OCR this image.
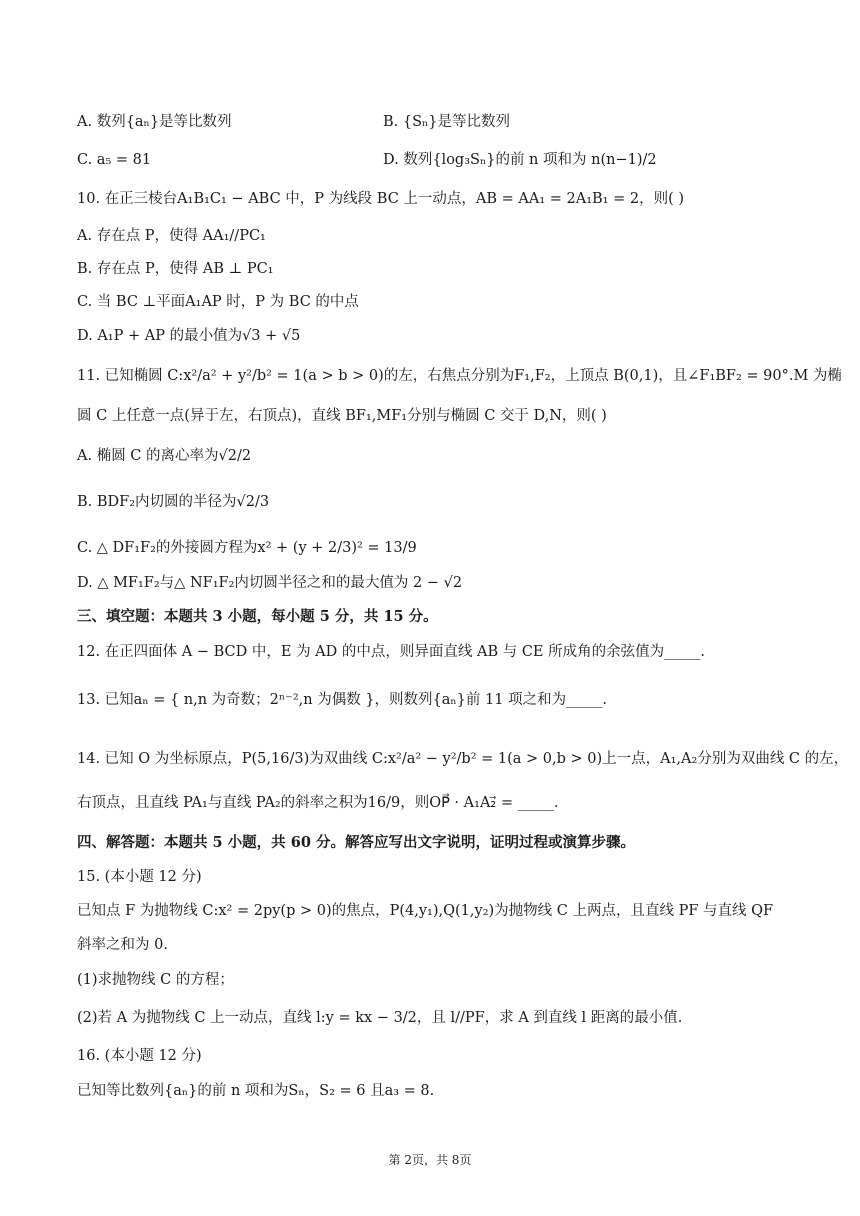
A. 数列{aₙ}是等比数列	B. {Sₙ}是等比数列
C. a₅ = 81	D. 数列{log₃Sₙ}的前 n 项和为 n(n−1)/2
10. 在正三棱台A₁B₁C₁ − ABC 中，P 为线段 BC 上一动点，AB = AA₁ = 2A₁B₁ = 2，则( )
A. 存在点 P，使得 AA₁//PC₁
B. 存在点 P，使得 AB ⊥ PC₁
C. 当 BC ⊥平面A₁AP 时，P 为 BC 的中点
D. A₁P + AP 的最小值为√3 + √5
11. 已知椭圆 C:x²/a² + y²/b² = 1(a > b > 0)的左，右焦点分别为F₁,F₂，上顶点 B(0,1)，且∠F₁BF₂ = 90°.M 为椭
圆 C 上任意一点(异于左，右顶点)，直线 BF₁,MF₁分别与椭圆 C 交于 D,N，则( )
A. 椭圆 C 的离心率为√2/2
B. BDF₂内切圆的半径为√2/3
C. △ DF₁F₂的外接圆方程为x² + (y + 2/3)² = 13/9
D. △ MF₁F₂与△ NF₁F₂内切圆半径之和的最大值为 2 − √2
三、填空题：本题共 3 小题，每小题 5 分，共 15 分。
12. 在正四面体 A − BCD 中，E 为 AD 的中点，则异面直线 AB 与 CE 所成角的余弦值为_____.
13. 已知aₙ = { n,n 为奇数；2ⁿ⁻²,n 为偶数 }，则数列{aₙ}前 11 项之和为_____.
14. 已知 O 为坐标原点，P(5,16/3)为双曲线 C:x²/a² − y²/b² = 1(a > 0,b > 0)上一点，A₁,A₂分别为双曲线 C 的左，
右顶点，且直线 PA₁与直线 PA₂的斜率之积为16/9，则OP⃗ · A₁A₂⃗ = _____.
四、解答题：本题共 5 小题，共 60 分。解答应写出文字说明，证明过程或演算步骤。
15. (本小题 12 分)
已知点 F 为抛物线 C:x² = 2py(p > 0)的焦点，P(4,y₁),Q(1,y₂)为抛物线 C 上两点，且直线 PF 与直线 QF
斜率之和为 0.
(1)求抛物线 C 的方程；
(2)若 A 为抛物线 C 上一动点，直线 l:y = kx − 3/2，且 l//PF，求 A 到直线 l 距离的最小值.
16. (本小题 12 分)
已知等比数列{aₙ}的前 n 项和为Sₙ，S₂ = 6 且a₃ = 8.
第 2页，共 8页
